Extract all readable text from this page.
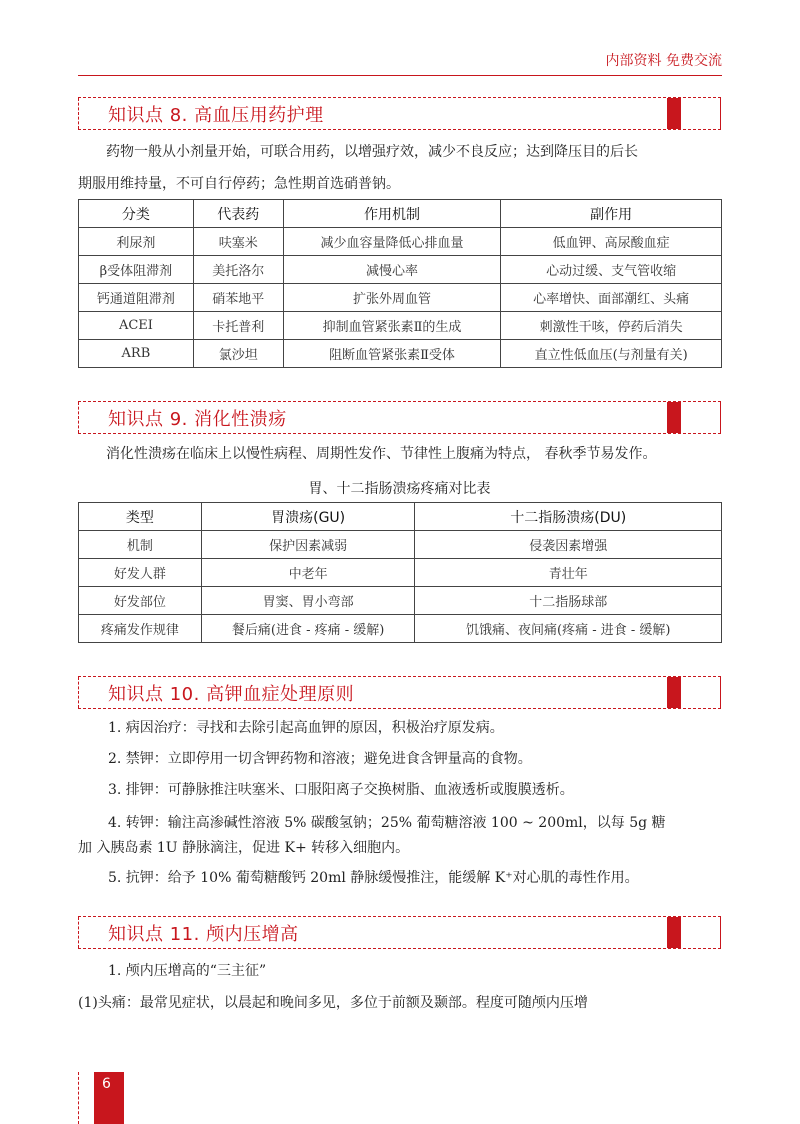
内部资料 免费交流
知识点 8. 高血压用药护理
药物一般从小剂量开始，可联合用药，以增强疗效，减少不良反应；达到降压目的后长
期服用维持量，不可自行停药；急性期首选硝普钠。
分类	代表药	作用机制	副作用
利尿剂	呋塞米	减少血容量降低心排血量	低血钾、高尿酸血症
β受体阻滞剂	美托洛尔	减慢心率	心动过缓、支气管收缩
钙通道阻滞剂	硝苯地平	扩张外周血管	心率增快、面部潮红、头痛
ACEI	卡托普利	抑制血管紧张素Ⅱ的生成	刺激性干咳，停药后消失
ARB	氯沙坦	阻断血管紧张素Ⅱ受体	直立性低血压(与剂量有关)
知识点 9. 消化性溃疡
消化性溃疡在临床上以慢性病程、周期性发作、节律性上腹痛为特点， 春秋季节易发作。
胃、十二指肠溃疡疼痛对比表
类型	胃溃疡(GU)	十二指肠溃疡(DU)
机制	保护因素减弱	侵袭因素增强
好发人群	中老年	青壮年
好发部位	胃窦、胃小弯部	十二指肠球部
疼痛发作规律	餐后痛(进食 - 疼痛 - 缓解)	饥饿痛、夜间痛(疼痛 - 进食 - 缓解)
知识点 10. 高钾血症处理原则
1. 病因治疗：寻找和去除引起高血钾的原因，积极治疗原发病。
2. 禁钾：立即停用一切含钾药物和溶液；避免进食含钾量高的食物。
3. 排钾：可静脉推注呋塞米、口服阳离子交换树脂、血液透析或腹膜透析。
4. 转钾：输注高渗碱性溶液 5% 碳酸氢钠；25% 葡萄糖溶液 100 ~ 200ml，以每 5g 糖
加 入胰岛素 1U 静脉滴注，促进 K+ 转移入细胞内。
5. 抗钾：给予 10% 葡萄糖酸钙 20ml 静脉缓慢推注，能缓解 K⁺对心肌的毒性作用。
知识点 11. 颅内压增高
1. 颅内压增高的“三主征”
(1)头痛：最常见症状，以晨起和晚间多见，多位于前额及颞部。程度可随颅内压增
6
